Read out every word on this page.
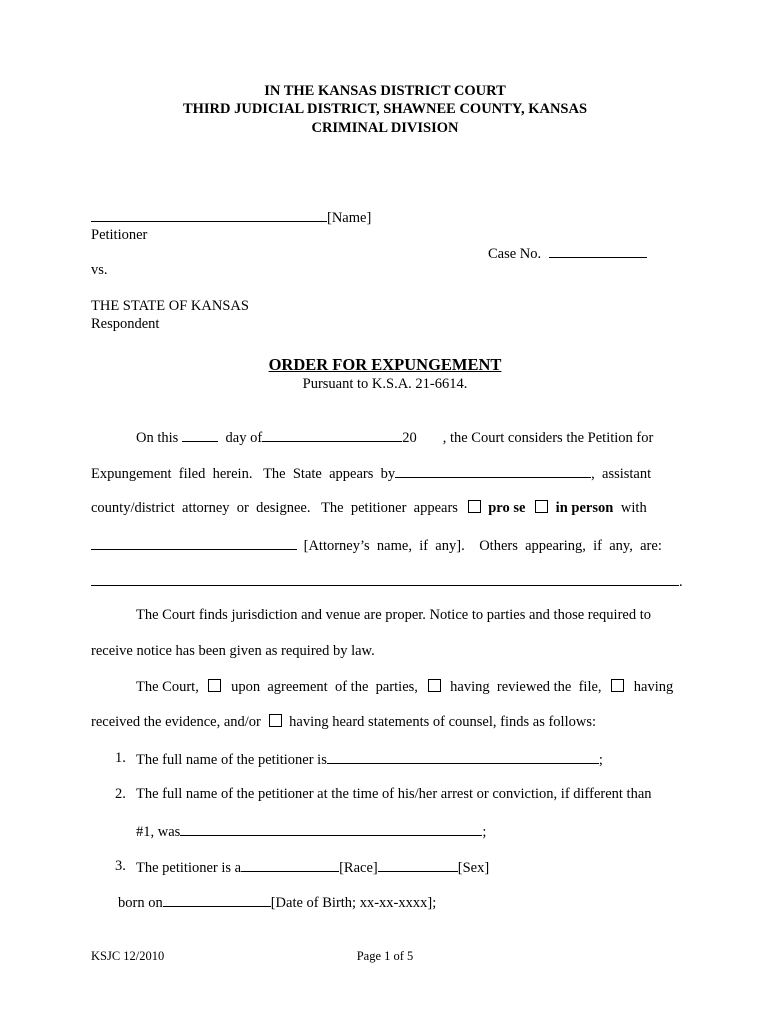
IN THE KANSAS DISTRICT COURT
THIRD JUDICIAL DISTRICT, SHAWNEE COUNTY, KANSAS
CRIMINAL DIVISION
[Name]
Petitioner
Case No.
vs.
THE STATE OF KANSAS
Respondent
ORDER FOR EXPUNGEMENT
Pursuant to K.S.A. 21-6614.
On this	day of	20 , the Court considers the Petition for
Expungement  filed  herein.   The  State  appears  by	,  assistant
county/district  attorney  or  designee.   The  petitioner  appears pro se in person with
[Attorney’s  name,  if  any].    Others  appearing,  if  any,  are:
.
The Court finds jurisdiction and venue are proper. Notice to parties and those required to
receive notice has been given as required by law.
The Court, upon  agreement  of the  parties, having  reviewed the  file, having
received the evidence, and/or having heard statements of counsel, finds as follows:
1. The full name of the petitioner is	;
2. The full name of the petitioner at the time of his/her arrest or conviction, if different than
#1, was	;
3. The petitioner is a	[Race]	[Sex]
born on	[Date of Birth; xx-xx-xxxx];
KSJC 12/2010	Page 1 of 5
